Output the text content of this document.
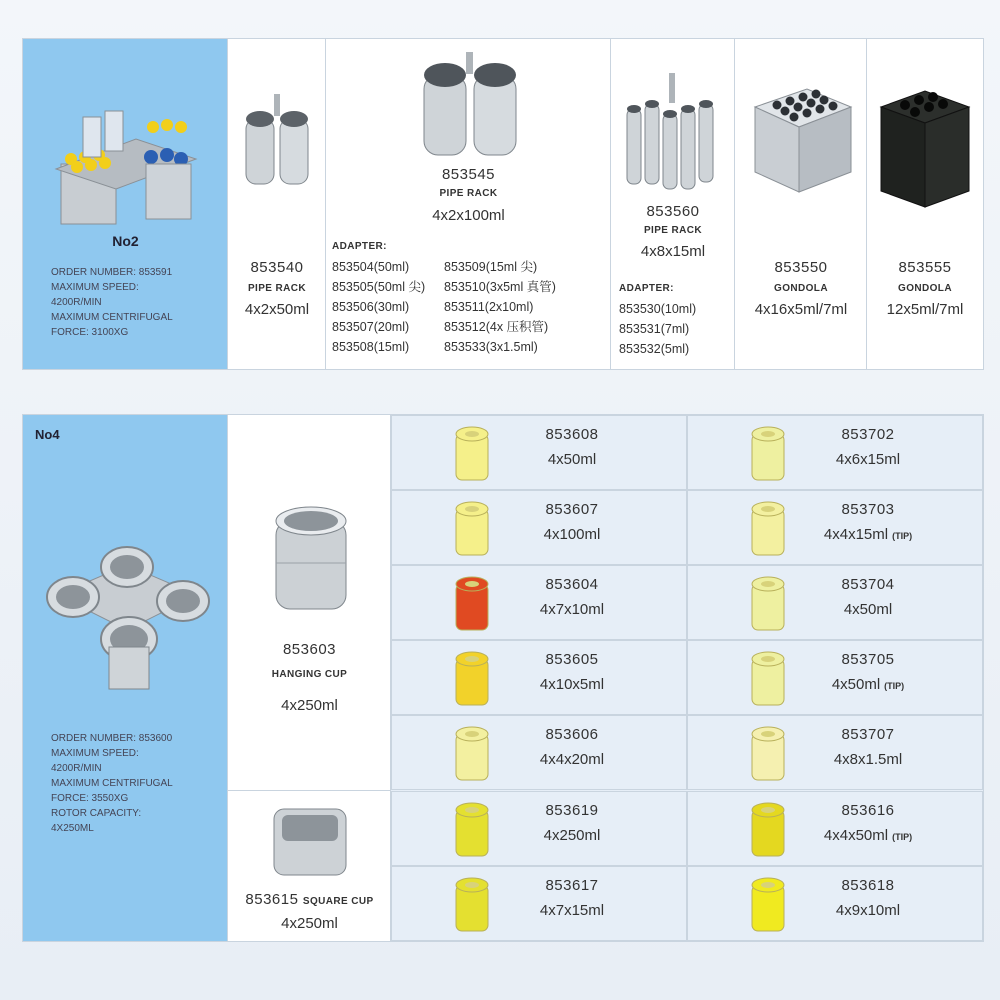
No2
ORDER NUMBER: 853591
MAXIMUM SPEED:
4200R/MIN
MAXIMUM CENTRIFUGAL
FORCE: 3100XG
853540
PIPE RACK
4x2x50ml
853545
PIPE RACK
4x2x100ml
ADAPTER:
853504(50ml)	853509(15ml 尖)
853505(50ml 尖) 853510(3x5ml 真管)
853506(30ml)	853511(2x10ml)
853507(20ml)	853512(4x 压积管)
853508(15ml)	853533(3x1.5ml)
853560
PIPE RACK
4x8x15ml
ADAPTER:
853530(10ml)
853531(7ml)
853532(5ml)
853550
GONDOLA
4x16x5ml/7ml
853555
GONDOLA
12x5ml/7ml
No4
ORDER NUMBER: 853600
MAXIMUM SPEED:
4200R/MIN
MAXIMUM CENTRIFUGAL
FORCE: 3550XG
ROTOR CAPACITY:
4X250ML
853603
HANGING CUP
4x250ml
853615 SQUARE CUP
4x250ml
853608
4x50ml
853607
4x100ml
853604
4x7x10ml
853605
4x10x5ml
853606
4x4x20ml
853619
4x250ml
853617
4x7x15ml
853702
4x6x15ml
853703
4x4x15ml (TIP)
853704
4x50ml
853705
4x50ml (TIP)
853707
4x8x1.5ml
853616
4x4x50ml (TIP)
853618
4x9x10ml
